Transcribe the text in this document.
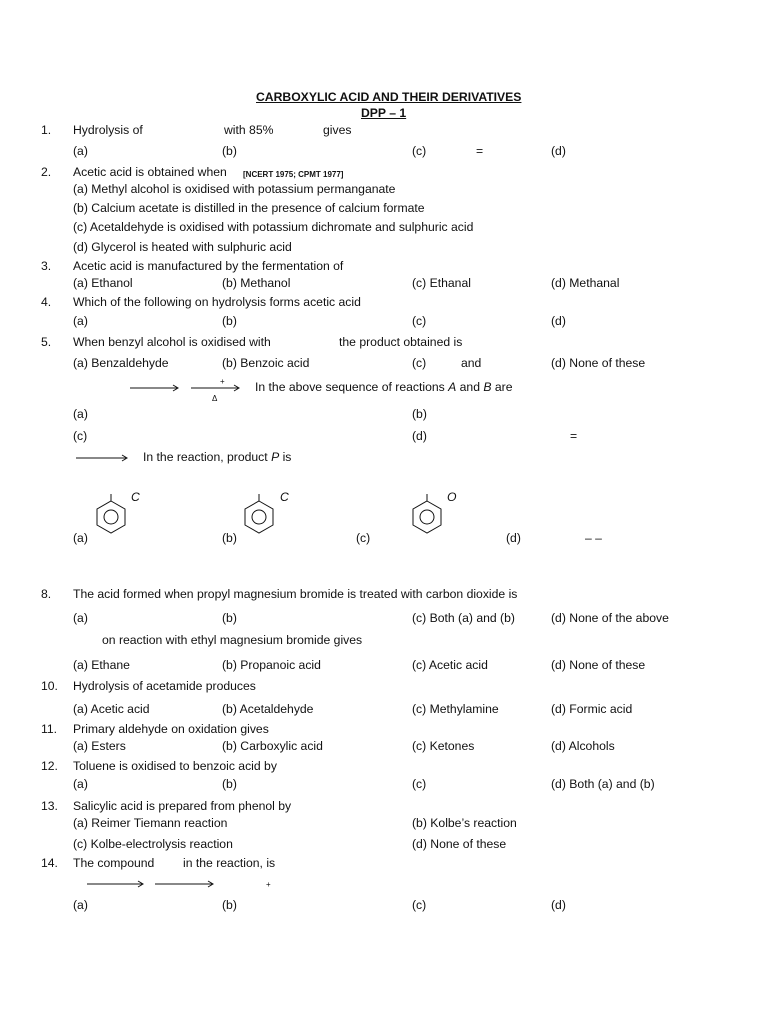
CARBOXYLIC ACID AND THEIR DERIVATIVES
DPP – 1
1. Hydrolysis of	with 85%	gives
(a)	(b)	(c)	=	(d)
2. Acetic acid is obtained when [NCERT 1975; CPMT 1977]
(a) Methyl alcohol is oxidised with potassium permanganate
(b) Calcium acetate is distilled in the presence of calcium formate
(c) Acetaldehyde is oxidised with potassium dichromate and sulphuric acid
(d) Glycerol is heated with sulphuric acid
3. Acetic acid is manufactured by the fermentation of
(a) Ethanol	(b) Methanol	(c) Ethanal	(d) Methanal
4. Which of the following on hydrolysis forms acetic acid
(a)	(b)	(c)	(d)
5. When benzyl alcohol is oxidised with	the product obtained is
(a) Benzaldehyde	(b) Benzoic acid	(c)	and	(d) None of these
+
Δ
In the above sequence of reactions A and B are
(a)	(b)
(c)	(d)	=
In the reaction, product P is
C	C	O
(a)	(b)	(c)	(d)	– –
8. The acid formed when propyl magnesium bromide is treated with carbon dioxide is
(a)	(b)	(c) Both (a) and (b)	(d) None of the above
on reaction with ethyl magnesium bromide gives
(a) Ethane	(b) Propanoic acid	(c) Acetic acid	(d) None of these
10. Hydrolysis of acetamide produces
(a) Acetic acid	(b) Acetaldehyde	(c) Methylamine	(d) Formic acid
11. Primary aldehyde on oxidation gives
(a) Esters	(b) Carboxylic acid	(c) Ketones	(d) Alcohols
12. Toluene is oxidised to benzoic acid by
(a)	(b)	(c)	(d) Both (a) and (b)
13. Salicylic acid is prepared from phenol by
(a) Reimer Tiemann reaction	(b) Kolbe’s reaction
(c) Kolbe-electrolysis reaction	(d) None of these
14. The compound in the reaction, is
+
(a)	(b)	(c)	(d)
